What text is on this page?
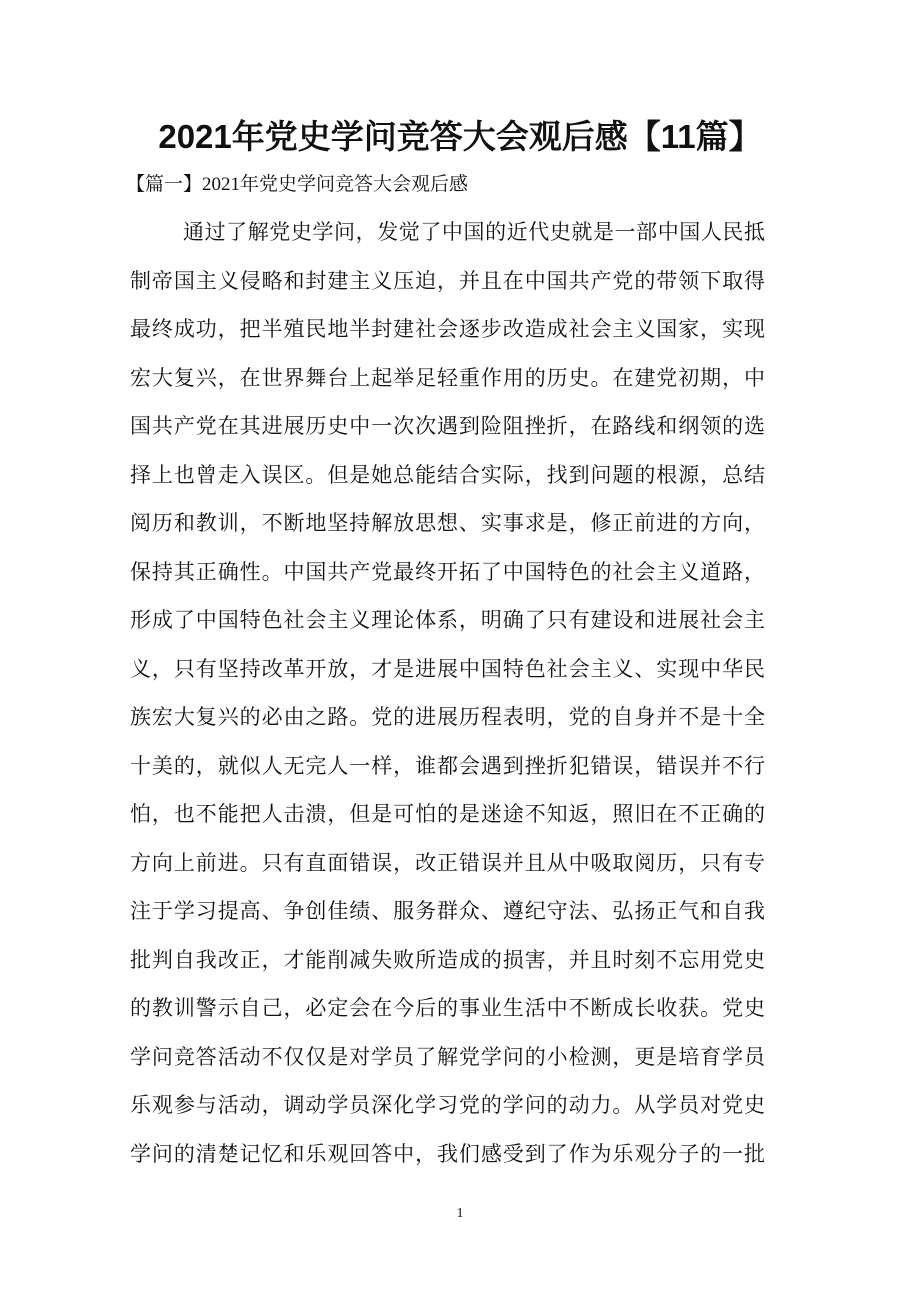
2021年党史学问竞答大会观后感【11篇】
【篇一】2021年党史学问竞答大会观后感
通过了解党史学问，发觉了中国的近代史就是一部中国人民抵
制帝国主义侵略和封建主义压迫，并且在中国共产党的带领下取得
最终成功，把半殖民地半封建社会逐步改造成社会主义国家，实现
宏大复兴，在世界舞台上起举足轻重作用的历史。在建党初期，中
国共产党在其进展历史中一次次遇到险阻挫折，在路线和纲领的选
择上也曾走入误区。但是她总能结合实际，找到问题的根源，总结
阅历和教训，不断地坚持解放思想、实事求是，修正前进的方向，
保持其正确性。中国共产党最终开拓了中国特色的社会主义道路，
形成了中国特色社会主义理论体系，明确了只有建设和进展社会主
义，只有坚持改革开放，才是进展中国特色社会主义、实现中华民
族宏大复兴的必由之路。党的进展历程表明，党的自身并不是十全
十美的，就似人无完人一样，谁都会遇到挫折犯错误，错误并不行
怕，也不能把人击溃，但是可怕的是迷途不知返，照旧在不正确的
方向上前进。只有直面错误，改正错误并且从中吸取阅历，只有专
注于学习提高、争创佳绩、服务群众、遵纪守法、弘扬正气和自我
批判自我改正，才能削减失败所造成的损害，并且时刻不忘用党史
的教训警示自己，必定会在今后的事业生活中不断成长收获。党史
学问竞答活动不仅仅是对学员了解党学问的小检测，更是培育学员
乐观参与活动，调动学员深化学习党的学问的动力。从学员对党史
学问的清楚记忆和乐观回答中，我们感受到了作为乐观分子的一批
1
